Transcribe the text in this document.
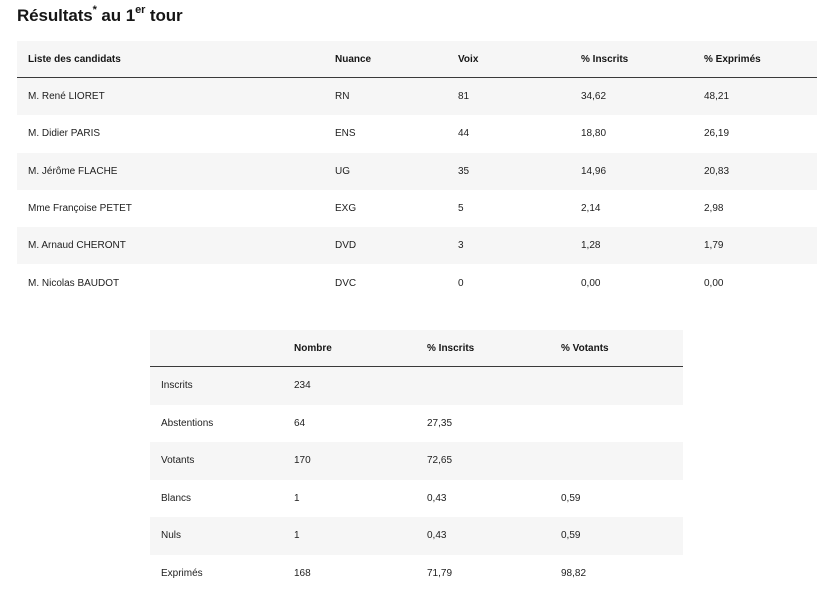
Résultats* au 1er tour
Liste des candidats	Nuance	Voix	% Inscrits	% Exprimés
M. René LIORET	RN	81	34,62	48,21
M. Didier PARIS	ENS	44	18,80	26,19
M. Jérôme FLACHE	UG	35	14,96	20,83
Mme Françoise PETET	EXG	5	2,14	2,98
M. Arnaud CHERONT	DVD	3	1,28	1,79
M. Nicolas BAUDOT	DVC	0	0,00	0,00
	Nombre	% Inscrits	% Votants
Inscrits	234		
Abstentions	64	27,35	
Votants	170	72,65	
Blancs	1	0,43	0,59
Nuls	1	0,43	0,59
Exprimés	168	71,79	98,82
